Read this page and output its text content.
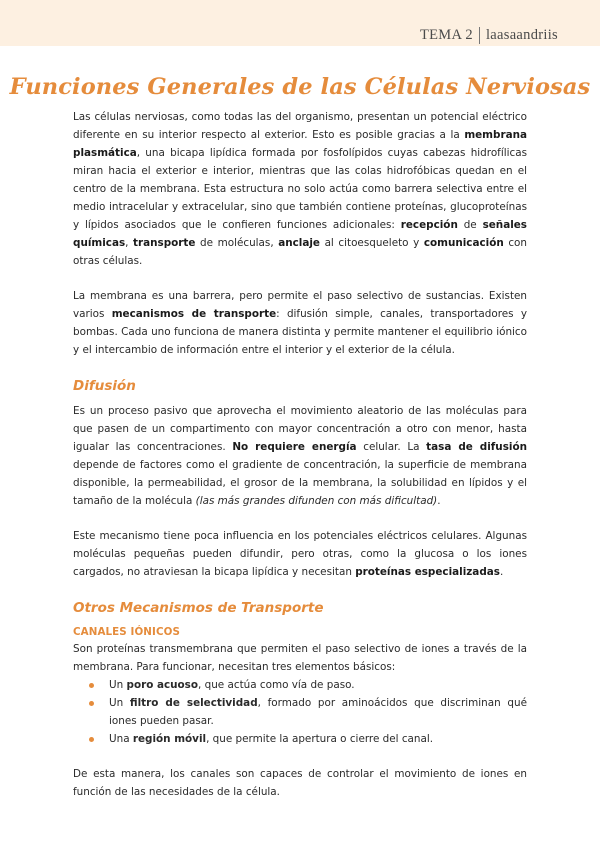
TEMA 2 laasaandriis
Funciones Generales de las Células Nerviosas

Las células nerviosas, como todas las del organismo, presentan un potencial eléctrico diferente en su interior respecto al exterior. Esto es posible gracias a la membrana plasmática, una bicapa lipídica formada por fosfolípidos cuyas cabezas hidrofílicas miran hacia el exterior e interior, mientras que las colas hidrofóbicas quedan en el centro de la membrana. Esta estructura no solo actúa como barrera selectiva entre el medio intracelular y extracelular, sino que también contiene proteínas, glucoproteínas y lípidos asociados que le confieren funciones adicionales: recepción de señales químicas, transporte de moléculas, anclaje al citoesqueleto y comunicación con otras células.

La membrana es una barrera, pero permite el paso selectivo de sustancias. Existen varios mecanismos de transporte: difusión simple, canales, transportadores y bombas. Cada uno funciona de manera distinta y permite mantener el equilibrio iónico y el intercambio de información entre el interior y el exterior de la célula.

Difusión

Es un proceso pasivo que aprovecha el movimiento aleatorio de las moléculas para que pasen de un compartimento con mayor concentración a otro con menor, hasta igualar las concentraciones. No requiere energía celular. La tasa de difusión depende de factores como el gradiente de concentración, la superficie de membrana disponible, la permeabilidad, el grosor de la membrana, la solubilidad en lípidos y el tamaño de la molécula (las más grandes difunden con más dificultad).

Este mecanismo tiene poca influencia en los potenciales eléctricos celulares. Algunas moléculas pequeñas pueden difundir, pero otras, como la glucosa o los iones cargados, no atraviesan la bicapa lipídica y necesitan proteínas especializadas.

Otros Mecanismos de Transporte
CANALES IÓNICOS

Son proteínas transmembrana que permiten el paso selectivo de iones a través de la membrana. Para funcionar, necesitan tres elementos básicos:

Un poro acuoso, que actúa como vía de paso.
Un filtro de selectividad, formado por aminoácidos que discriminan qué iones pueden pasar.
Una región móvil, que permite la apertura o cierre del canal.

De esta manera, los canales son capaces de controlar el movimiento de iones en función de las necesidades de la célula.
